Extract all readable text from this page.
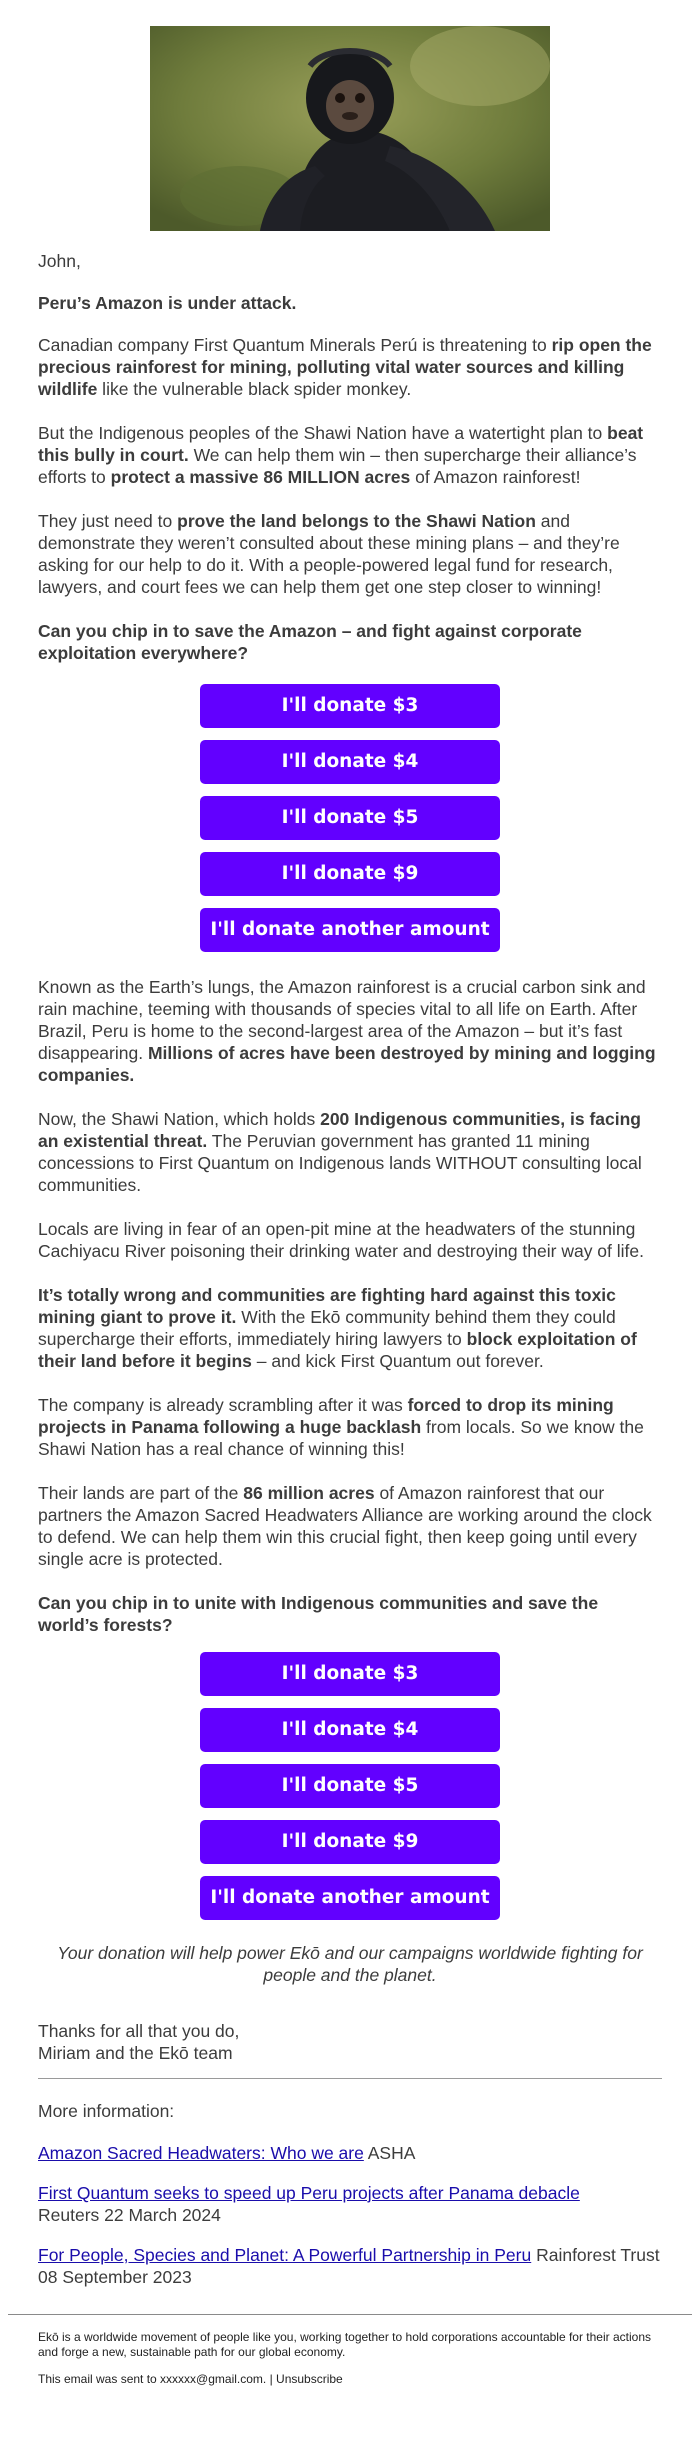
John,

Peru’s Amazon is under attack.

Canadian company First Quantum Minerals Perú is threatening to rip open the precious rainforest for mining, polluting vital water sources and killing wildlife like the vulnerable black spider monkey.

But the Indigenous peoples of the Shawi Nation have a watertight plan to beat this bully in court. We can help them win – then supercharge their alliance’s efforts to protect a massive 86 MILLION acres of Amazon rainforest!

They just need to prove the land belongs to the Shawi Nation and demonstrate they weren’t consulted about these mining plans – and they’re asking for our help to do it. With a people-powered legal fund for research, lawyers, and court fees we can help them get one step closer to winning!

Can you chip in to save the Amazon – and fight against corporate exploitation everywhere?

I'll donate $3
I'll donate $4
I'll donate $5
I'll donate $9
I'll donate another amount

Known as the Earth’s lungs, the Amazon rainforest is a crucial carbon sink and rain machine, teeming with thousands of species vital to all life on Earth. After Brazil, Peru is home to the second-largest area of the Amazon – but it’s fast disappearing. Millions of acres have been destroyed by mining and logging companies.

Now, the Shawi Nation, which holds 200 Indigenous communities, is facing an existential threat. The Peruvian government has granted 11 mining concessions to First Quantum on Indigenous lands WITHOUT consulting local communities.

Locals are living in fear of an open-pit mine at the headwaters of the stunning Cachiyacu River poisoning their drinking water and destroying their way of life.

It’s totally wrong and communities are fighting hard against this toxic mining giant to prove it. With the Ekō community behind them they could supercharge their efforts, immediately hiring lawyers to block exploitation of their land before it begins – and kick First Quantum out forever.

The company is already scrambling after it was forced to drop its mining projects in Panama following a huge backlash from locals. So we know the Shawi Nation has a real chance of winning this!

Their lands are part of the 86 million acres of Amazon rainforest that our partners the Amazon Sacred Headwaters Alliance are working around the clock to defend. We can help them win this crucial fight, then keep going until every single acre is protected.

Can you chip in to unite with Indigenous communities and save the world’s forests?

I'll donate $3
I'll donate $4
I'll donate $5
I'll donate $9
I'll donate another amount

Your donation will help power Ekō and our campaigns worldwide fighting for people and the planet.

Thanks for all that you do,

Miriam and the Ekō team

More information:

Amazon Sacred Headwaters: Who we are ASHA

First Quantum seeks to speed up Peru projects after Panama debacle

Reuters 22 March 2024

For People, Species and Planet: A Powerful Partnership in Peru Rainforest Trust 08 September 2023

Ekō is a worldwide movement of people like you, working together to hold corporations accountable for their actions and forge a new, sustainable path for our global economy.
This email was sent to xxxxxx@gmail.com. | Unsubscribe
